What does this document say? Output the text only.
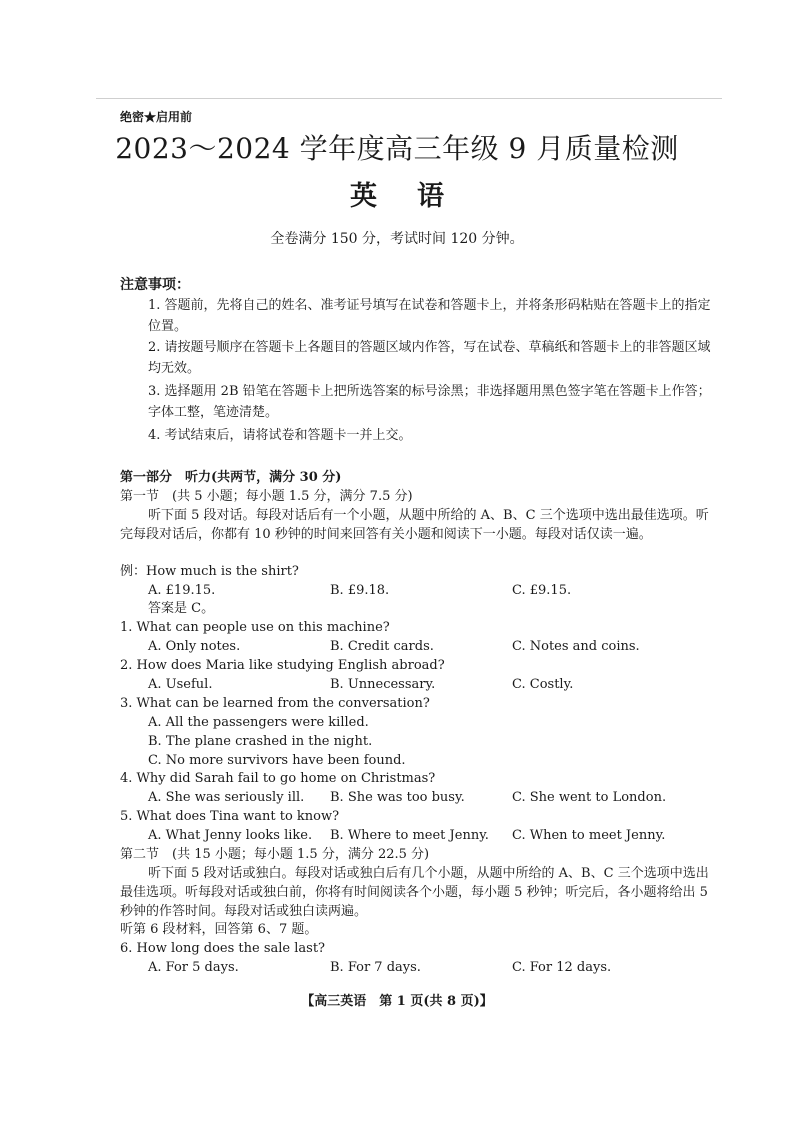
绝密★启用前
2023～2024 学年度高三年级 9 月质量检测
英语
全卷满分 150 分，考试时间 120 分钟。
注意事项：
1. 答题前，先将自己的姓名、准考证号填写在试卷和答题卡上，并将条形码粘贴在答题卡上的指定位置。
2. 请按题号顺序在答题卡上各题目的答题区域内作答，写在试卷、草稿纸和答题卡上的非答题区域均无效。
3. 选择题用 2B 铅笔在答题卡上把所选答案的标号涂黑；非选择题用黑色签字笔在答题卡上作答；字体工整，笔迹清楚。
4. 考试结束后，请将试卷和答题卡一并上交。
第一部分　听力(共两节，满分 30 分)
第一节　(共 5 小题；每小题 1.5 分，满分 7.5 分)
听下面 5 段对话。每段对话后有一个小题，从题中所给的 A、B、C 三个选项中选出最佳选项。听完每段对话后，你都有 10 秒钟的时间来回答有关小题和阅读下一小题。每段对话仅读一遍。
例：How much is the shirt?
A. £19.15.	B. £9.18.	C. £9.15.
答案是 C。
1. What can people use on this machine?
A. Only notes.	B. Credit cards.	C. Notes and coins.
2. How does Maria like studying English abroad?
A. Useful.	B. Unnecessary.	C. Costly.
3. What can be learned from the conversation?
A. All the passengers were killed.
B. The plane crashed in the night.
C. No more survivors have been found.
4. Why did Sarah fail to go home on Christmas?
A. She was seriously ill. B. She was too busy.	C. She went to London.
5. What does Tina want to know?
A. What Jenny looks like. B. Where to meet Jenny. C. When to meet Jenny.
第二节　(共 15 小题；每小题 1.5 分，满分 22.5 分)
听下面 5 段对话或独白。每段对话或独白后有几个小题，从题中所给的 A、B、C 三个选项中选出最佳选项。听每段对话或独白前，你将有时间阅读各个小题，每小题 5 秒钟；听完后，各小题将给出 5 秒钟的作答时间。每段对话或独白读两遍。
听第 6 段材料，回答第 6、7 题。
6. How long does the sale last?
A. For 5 days.	B. For 7 days.	C. For 12 days.
【高三英语　第 1 页(共 8 页)】
